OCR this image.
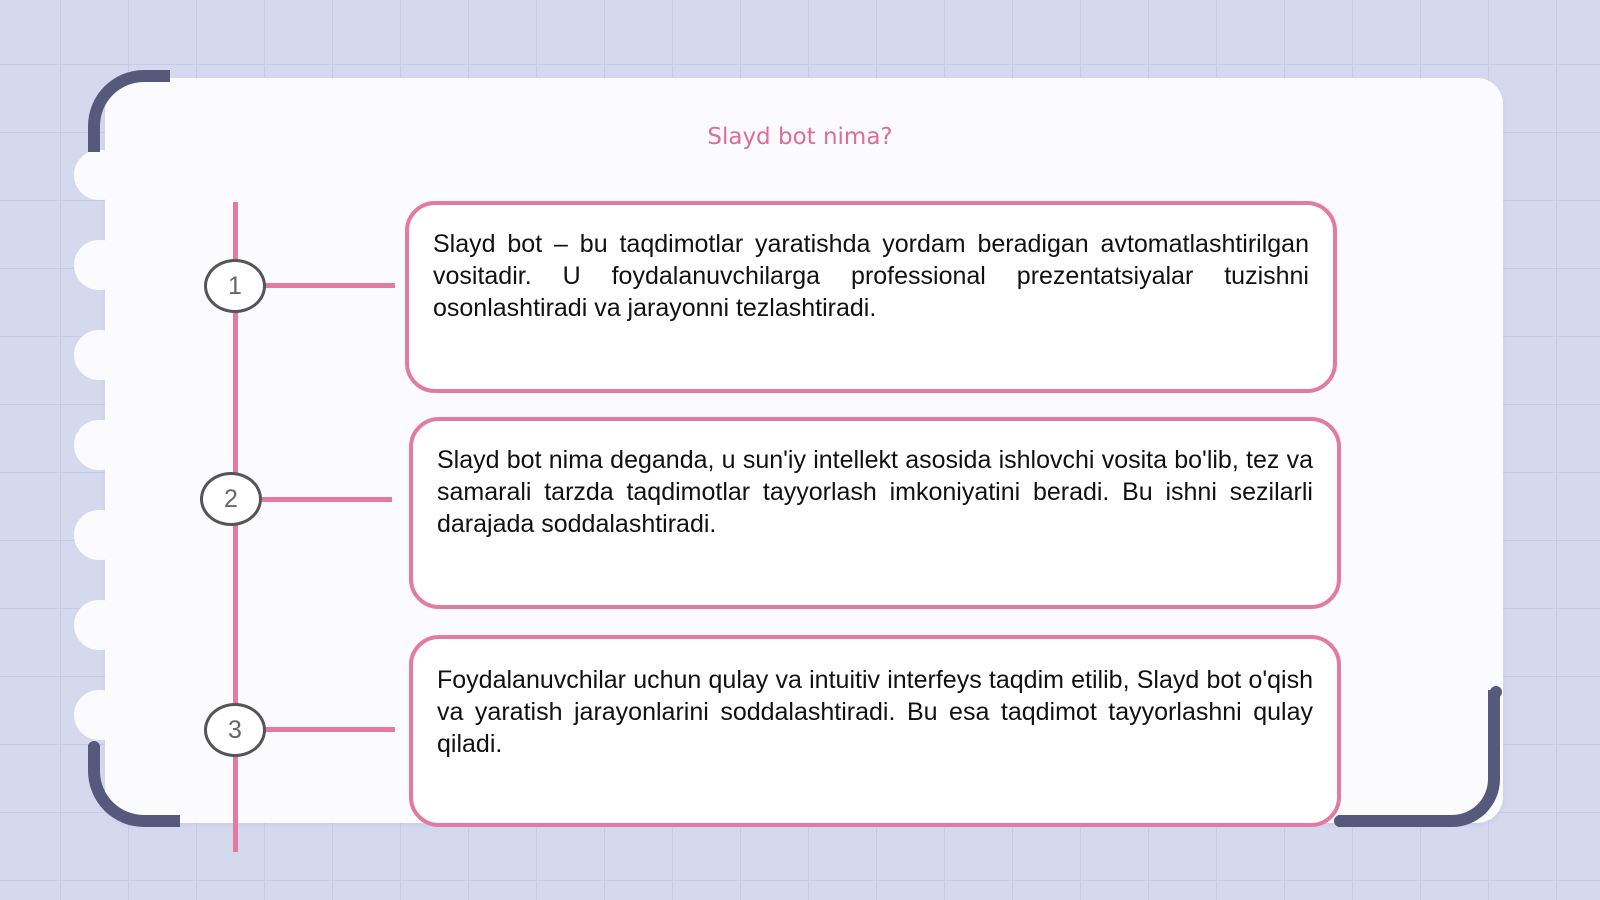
Slayd bot nima?
1
2
3

Slayd bot – bu taqdimotlar yaratishda yordam beradigan avtomatlashtirilgan vositadir. U foydalanuvchilarga professional prezentatsiyalar tuzishni osonlashtiradi va jarayonni tezlashtiradi.

Slayd bot nima deganda, u sun'iy intellekt asosida ishlovchi vosita bo'lib, tez va samarali tarzda taqdimotlar tayyorlash imkoniyatini beradi. Bu ishni sezilarli darajada soddalashtiradi.

Foydalanuvchilar uchun qulay va intuitiv interfeys taqdim etilib, Slayd bot o'qish va yaratish jarayonlarini soddalashtiradi. Bu esa taqdimot tayyorlashni qulay qiladi.
